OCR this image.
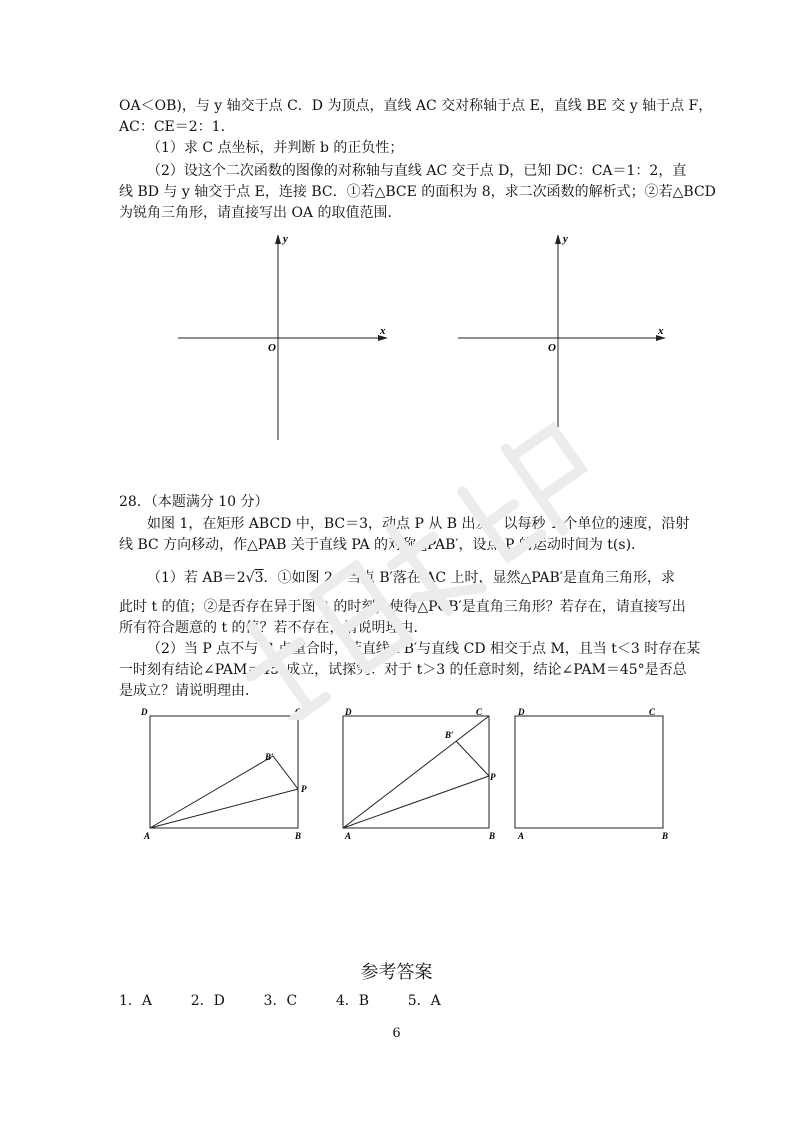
OA＜OB)，与 y 轴交于点 C．D 为顶点，直线 AC 交对称轴于点 E，直线 BE 交 y 轴于点 F，
AC：CE＝2：1．
（1）求 C 点坐标，并判断 b 的正负性；
（2）设这个二次函数的图像的对称轴与直线 AC 交于点 D，已知 DC：CA＝1：2，直
线 BD 与 y 轴交于点 E，连接 BC．①若△BCE 的面积为 8，求二次函数的解析式；②若△BCD
为锐角三角形，请直接写出 OA 的取值范围．
x
y
O
x
y
O
28．（本题满分 10 分）
如图 1，在矩形 ABCD 中，BC＝3，动点 P 从 B 出发，以每秒 1 个单位的速度，沿射
线 BC 方向移动，作△PAB 关于直线 PA 的对称△PAB′，设点 P 的运动时间为 t(s)．
（1）若 AB＝2√3．①如图 2，当点 B′落在 AC 上时，显然△PAB′是直角三角形，求
此时 t 的值；②是否存在异于图 2 的时刻，使得△PCB′是直角三角形？若存在，请直接写出
所有符合题意的 t 的值？若不存在，请说明理由．
（2）当 P 点不与 C 点重合时，若直线 PB′与直线 CD 相交于点 M，且当 t＜3 时存在某
一时刻有结论∠PAM＝45°成立，试探究：对于 t＞3 的任意时刻，结论∠PAM＝45°是否总
是成立？请说明理由．
D	C
A	B
P
B′
D	C
A	B
P
B′
D	C
A	B
参考答案
1．A      2．D      3．C      4．B      5．A
6
